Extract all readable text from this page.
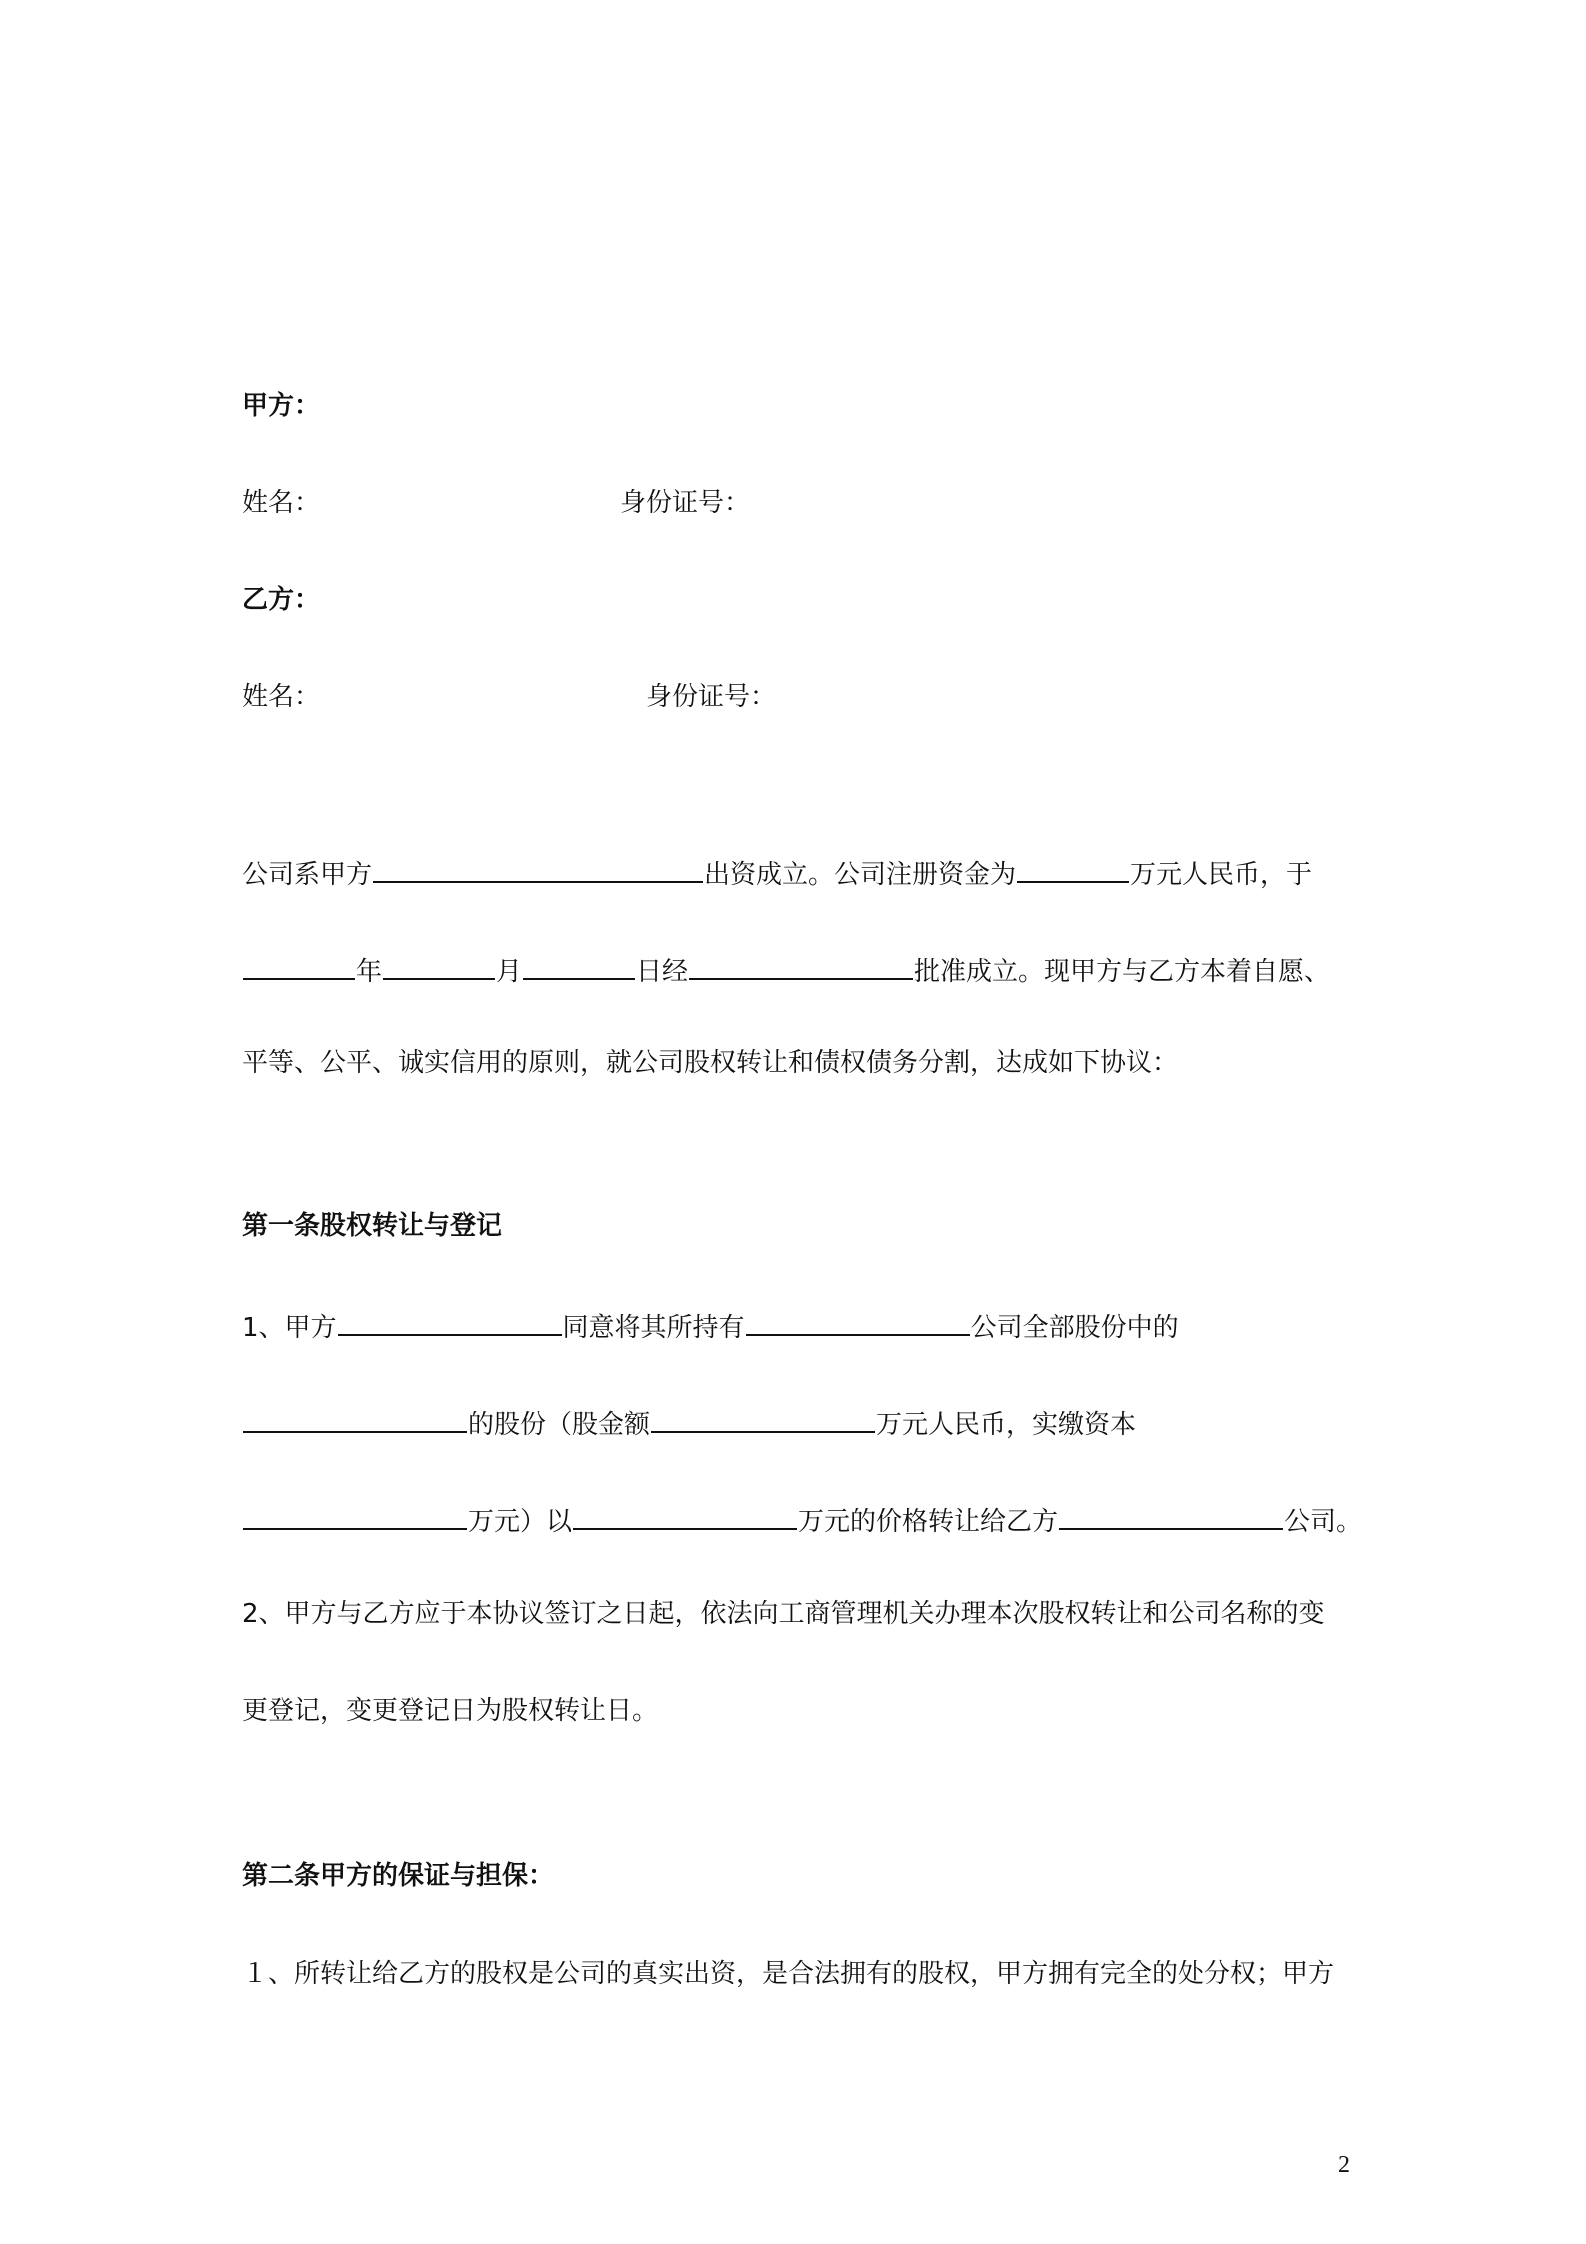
甲方：
姓名：	身份证号：
乙方：
姓名：	身份证号：
公司系甲方	出资成立。公司注册资金为	万元人民币，于
年	月	日经	批准成立。现甲方与乙方本着自愿、
平等、公平、诚实信用的原则，就公司股权转让和债权债务分割，达成如下协议：
第一条股权转让与登记
1、甲方	同意将其所持有	公司全部股份中的
的股份（股金额	万元人民币，实缴资本
万元）以	万元的价格转让给乙方	公司。
2、甲方与乙方应于本协议签订之日起，依法向工商管理机关办理本次股权转让和公司名称的变
更登记，变更登记日为股权转让日。
第二条甲方的保证与担保：
１、所转让给乙方的股权是公司的真实出资，是合法拥有的股权，甲方拥有完全的处分权；甲方
2
